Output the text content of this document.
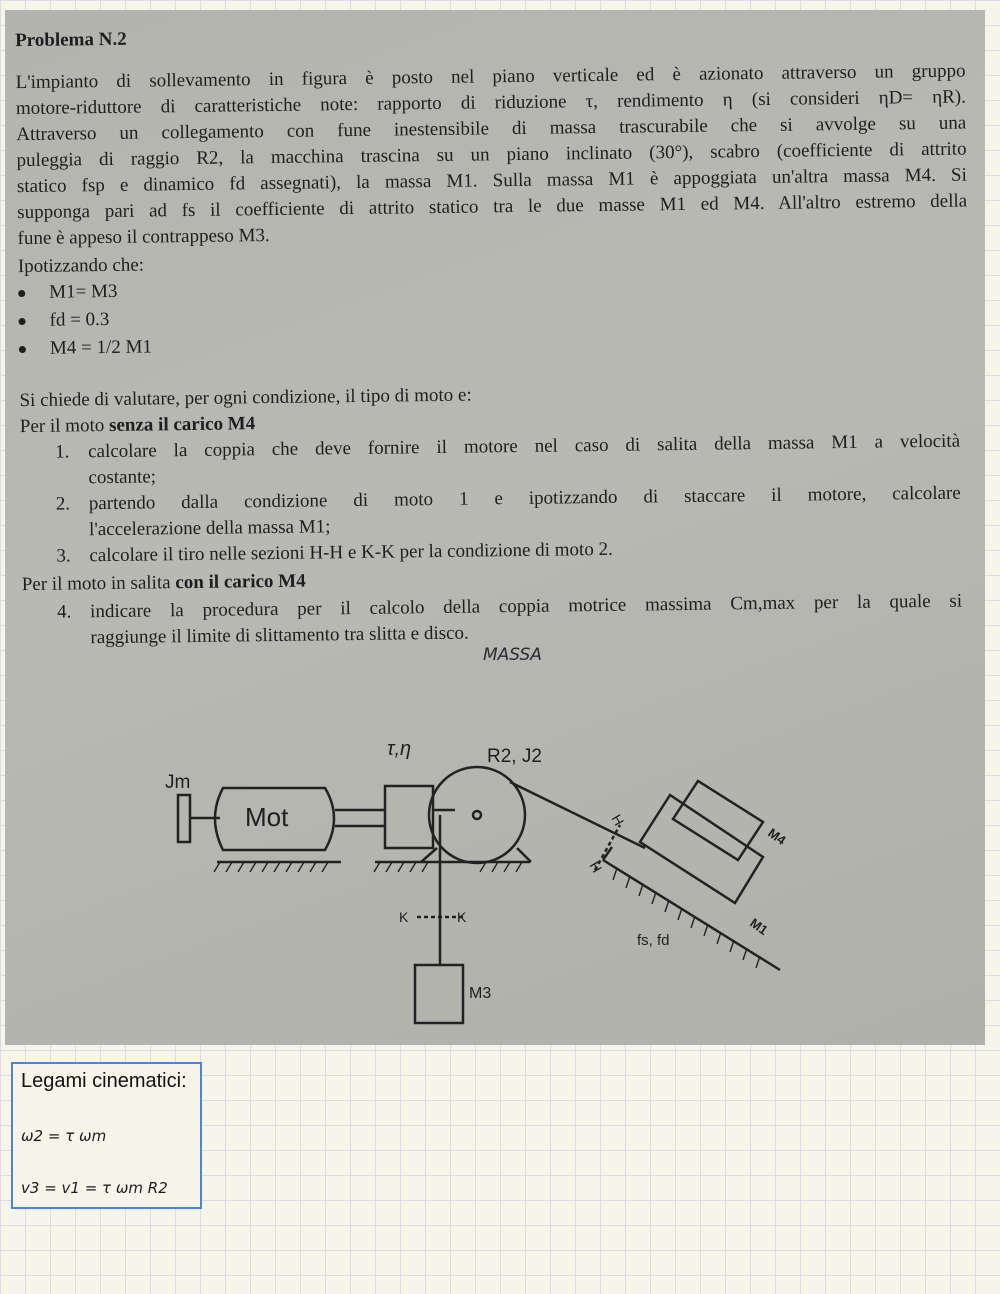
Problema N.2

L'impianto di sollevamento in figura è posto nel piano verticale ed è azionato attraverso un gruppo
motore-riduttore di caratteristiche note: rapporto di riduzione τ, rendimento η (si consideri ηD= ηR).
Attraverso un collegamento con fune inestensibile di massa trascurabile che si avvolge su una
puleggia di raggio R2, la macchina trascina su un piano inclinato (30°), scabro (coefficiente di attrito
statico fsp e dinamico fd assegnati), la massa M1. Sulla massa M1 è appoggiata un'altra massa M4. Si
supponga pari ad fs il coefficiente di attrito statico tra le due masse M1 ed M4. All'altro estremo della

fune è appeso il contrappeso M3.

Ipotizzando che:

M1= M3
fd = 0.3
M4 = 1/2 M1

Si chiede di valutare, per ogni condizione, il tipo di moto e:

Per il moto senza il carico M4

1. calcolare la coppia che deve fornire il motore nel caso di salita della massa M1 a velocità
costante;
2. partendo dalla condizione di moto 1 e ipotizzando di staccare il motore, calcolare
l'accelerazione della massa M1;
3. calcolare il tiro nelle sezioni H-H e K-K per la condizione di moto 2.

Per il moto in salita con il carico M4

4. indicare la procedura per il calcolo della coppia motrice massima Cm,max per la quale si
raggiunge il limite di slittamento tra slitta e disco.
MASSA
Jm
Mot
τ,η	R2, J2
H
H
K	K
M3
M4
M1
fs, fd
Legami cinematici:
ω2 = τ ωm
v3 = v1 = τ ωm R2
